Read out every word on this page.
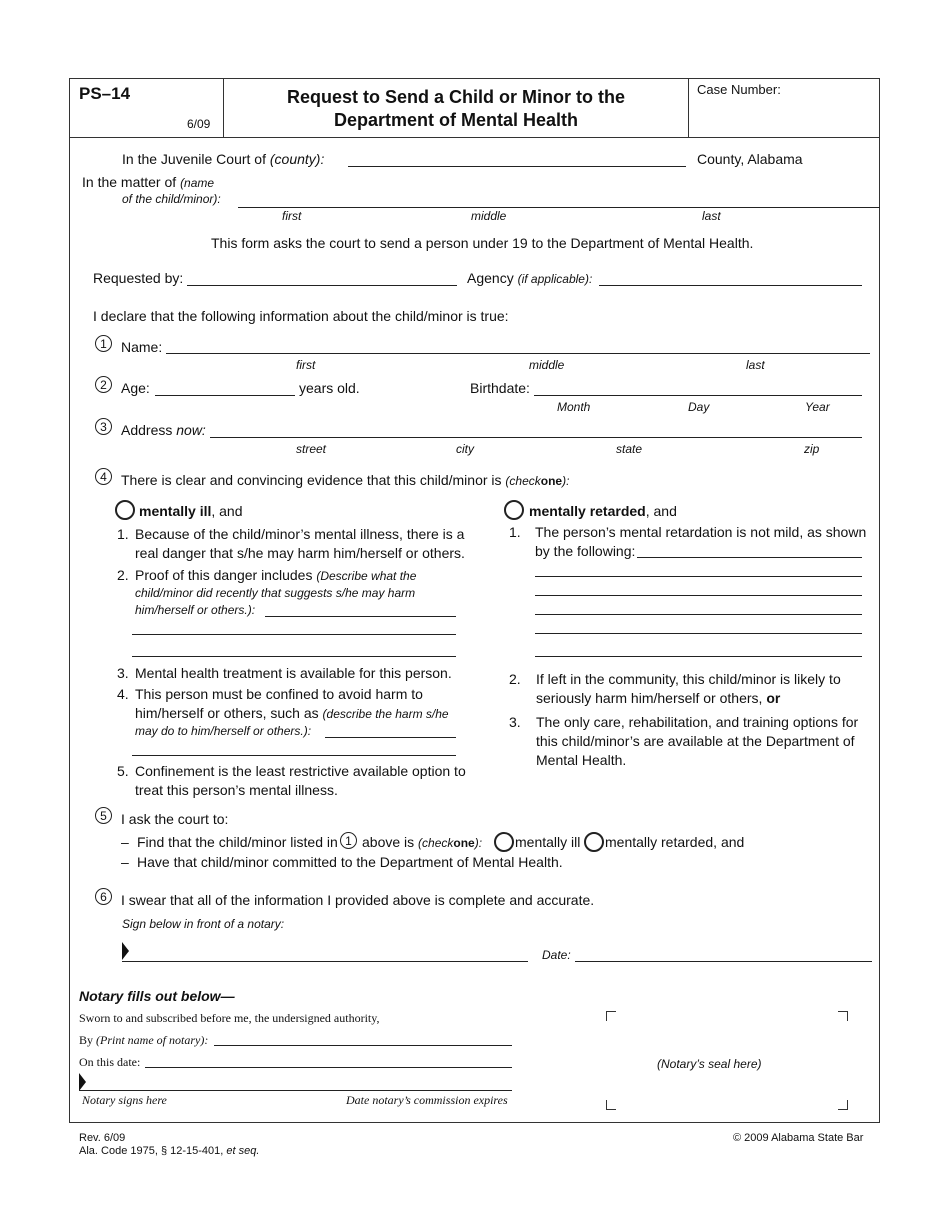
PS–14
6/09
Request to Send a Child or Minor to the
Department of Mental Health
Case Number:
In the Juvenile Court of (county):	County, Alabama
In the matter of (name
of the child/minor):
first	middle	last
This form asks the court to send a person under 19 to the Department of Mental Health.
Requested by:	Agency (if applicable):
I declare that the following information about the child/minor is true:
1	Name:
first	middle	last
2	Age:	years old.	Birthdate:
Month	Day	Year
3	Address now:
street	city	state	zip
4	There is clear and convincing evidence that this child/minor is (checkone):
mentally ill, and
1. Because of the child/minor’s mental illness, there is a
real danger that s/he may harm him/herself or others.
2. Proof of this danger includes (Describe what the
child/minor did recently that suggests s/he may harm
him/herself or others.):
3. Mental health treatment is available for this person.
4. This person must be confined to avoid harm to
him/herself or others, such as (describe the harm s/he
may do to him/herself or others.):
5. Confinement is the least restrictive available option to
treat this person’s mental illness.
mentally retarded, and
1. The person’s mental retardation is not mild, as shown
by the following:
2. If left in the community, this child/minor is likely to
seriously harm him/herself or others, or
3. The only care, rehabilitation, and training options for
this child/minor’s are available at the Department of
Mental Health.
5	I ask the court to:
– Find that the child/minor listed in 1 above is (checkone): mentally ill mentally retarded, and
– Have that child/minor committed to the Department of Mental Health.
6	I swear that all of the information I provided above is complete and accurate.
Sign below in front of a notary:
Date:
Notary fills out below—
Sworn to and subscribed before me, the undersigned authority,
By (Print name of notary):
On this date:
Notary signs here	Date notary’s commission expires
(Notary’s seal here)
Rev. 6/09
Ala. Code 1975, § 12-15-401, et seq.
© 2009 Alabama State Bar
